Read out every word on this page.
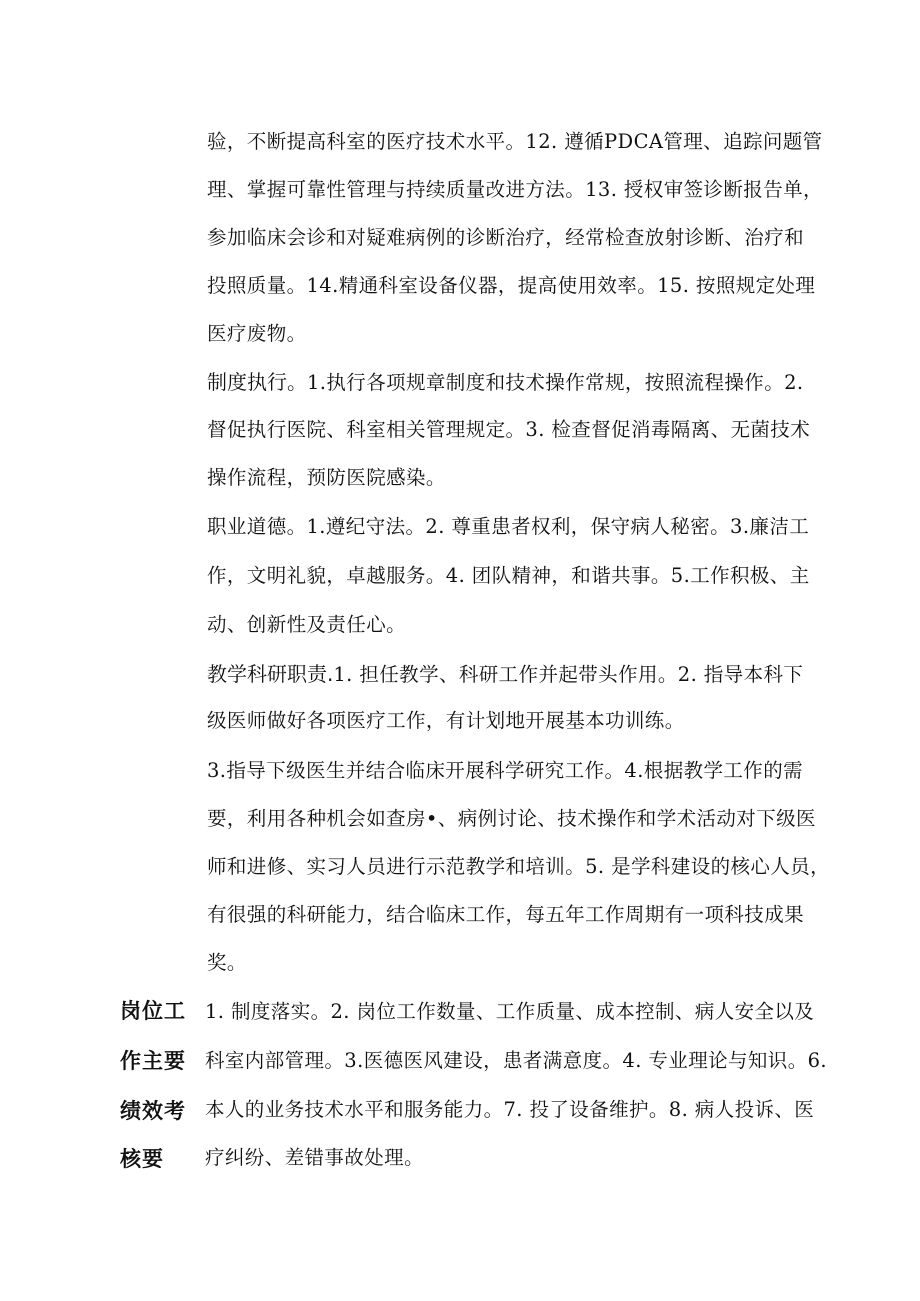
验，不断提高科室的医疗技术水平。12. 遵循PDCA管理、追踪问题管
理、掌握可靠性管理与持续质量改进方法。13. 授权审签诊断报告单，
参加临床会诊和对疑难病例的诊断治疗，经常检查放射诊断、治疗和
投照质量。14.精通科室设备仪器，提高使用效率。15. 按照规定处理
医疗废物。
制度执行。1.执行各项规章制度和技术操作常规，按照流程操作。2.
督促执行医院、科室相关管理规定。3. 检查督促消毒隔离、无菌技术
操作流程，预防医院感染。
职业道德。1.遵纪守法。2. 尊重患者权利，保守病人秘密。3.廉洁工
作，文明礼貌，卓越服务。4. 团队精神，和谐共事。5.工作积极、主
动、创新性及责任心。
教学科研职责.1. 担任教学、科研工作并起带头作用。2. 指导本科下
级医师做好各项医疗工作，有计划地开展基本功训练。
3.指导下级医生并结合临床开展科学研究工作。4.根据教学工作的需
要，利用各种机会如查房•、病例讨论、技术操作和学术活动对下级医
师和进修、实习人员进行示范教学和培训。5. 是学科建设的核心人员，
有很强的科研能力，结合临床工作，每五年工作周期有一项科技成果
奖。
岗位工
作主要
绩效考
核要
1. 制度落实。2. 岗位工作数量、工作质量、成本控制、病人安全以及
科室内部管理。3.医德医风建设，患者满意度。4. 专业理论与知识。6.
本人的业务技术水平和服务能力。7. 投了设备维护。8. 病人投诉、医
疗纠纷、差错事故处理。
